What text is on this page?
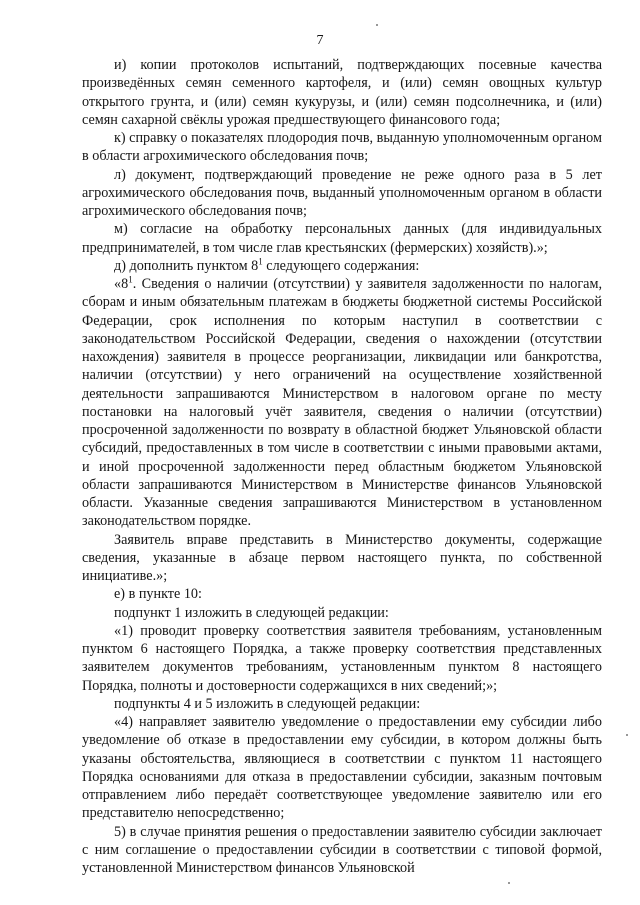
7

и) копии протоколов испытаний, подтверждающих посевные качества произведённых семян семенного картофеля, и (или) семян овощных культур открытого грунта, и (или) семян кукурузы, и (или) семян подсолнечника, и (или) семян сахарной свёклы урожая предшествующего финансового года;

к) справку о показателях плодородия почв, выданную уполномоченным органом в области агрохимического обследования почв;

л) документ, подтверждающий проведение не реже одного раза в 5 лет агрохимического обследования почв, выданный уполномоченным органом в области агрохимического обследования почв;

м) согласие на обработку персональных данных (для индивидуальных предпринимателей, в том числе глав крестьянских (фермерских) хозяйств).»;

д) дополнить пунктом $8^1$ следующего содержания:

«$8^1$. Сведения о наличии (отсутствии) у заявителя задолженности по налогам, сборам и иным обязательным платежам в бюджеты бюджетной системы Российской Федерации, срок исполнения по которым наступил в соответствии с законодательством Российской Федерации, сведения о нахождении (отсутствии нахождения) заявителя в процессе реорганизации, ликвидации или банкротства, наличии (отсутствии) у него ограничений на осуществление хозяйственной деятельности запрашиваются Министерством в налоговом органе по месту постановки на налоговый учёт заявителя, сведения о наличии (отсутствии) просроченной задолженности по возврату в областной бюджет Ульяновской области субсидий, предоставленных в том числе в соответствии с иными правовыми актами, и иной просроченной задолженности перед областным бюджетом Ульяновской области запрашиваются Министерством в Министерстве финансов Ульяновской области. Указанные сведения запрашиваются Министерством в установленном законодательством порядке.

Заявитель вправе представить в Министерство документы, содержащие сведения, указанные в абзаце первом настоящего пункта, по собственной инициативе.»;

е) в пункте 10:

подпункт 1 изложить в следующей редакции:

«1) проводит проверку соответствия заявителя требованиям, установленным пунктом 6 настоящего Порядка, а также проверку соответствия представленных заявителем документов требованиям, установленным пунктом 8 настоящего Порядка, полноты и достоверности содержащихся в них сведений;»;

подпункты 4 и 5 изложить в следующей редакции:

«4) направляет заявителю уведомление о предоставлении ему субсидии либо уведомление об отказе в предоставлении ему субсидии, в котором должны быть указаны обстоятельства, являющиеся в соответствии с пунктом 11 настоящего Порядка основаниями для отказа в предоставлении субсидии, заказным почтовым отправлением либо передаёт соответствующее уведомление заявителю или его представителю непосредственно;

5) в случае принятия решения о предоставлении заявителю субсидии заключает с ним соглашение о предоставлении субсидии в соответствии с типовой формой, установленной Министерством финансов Ульяновской
